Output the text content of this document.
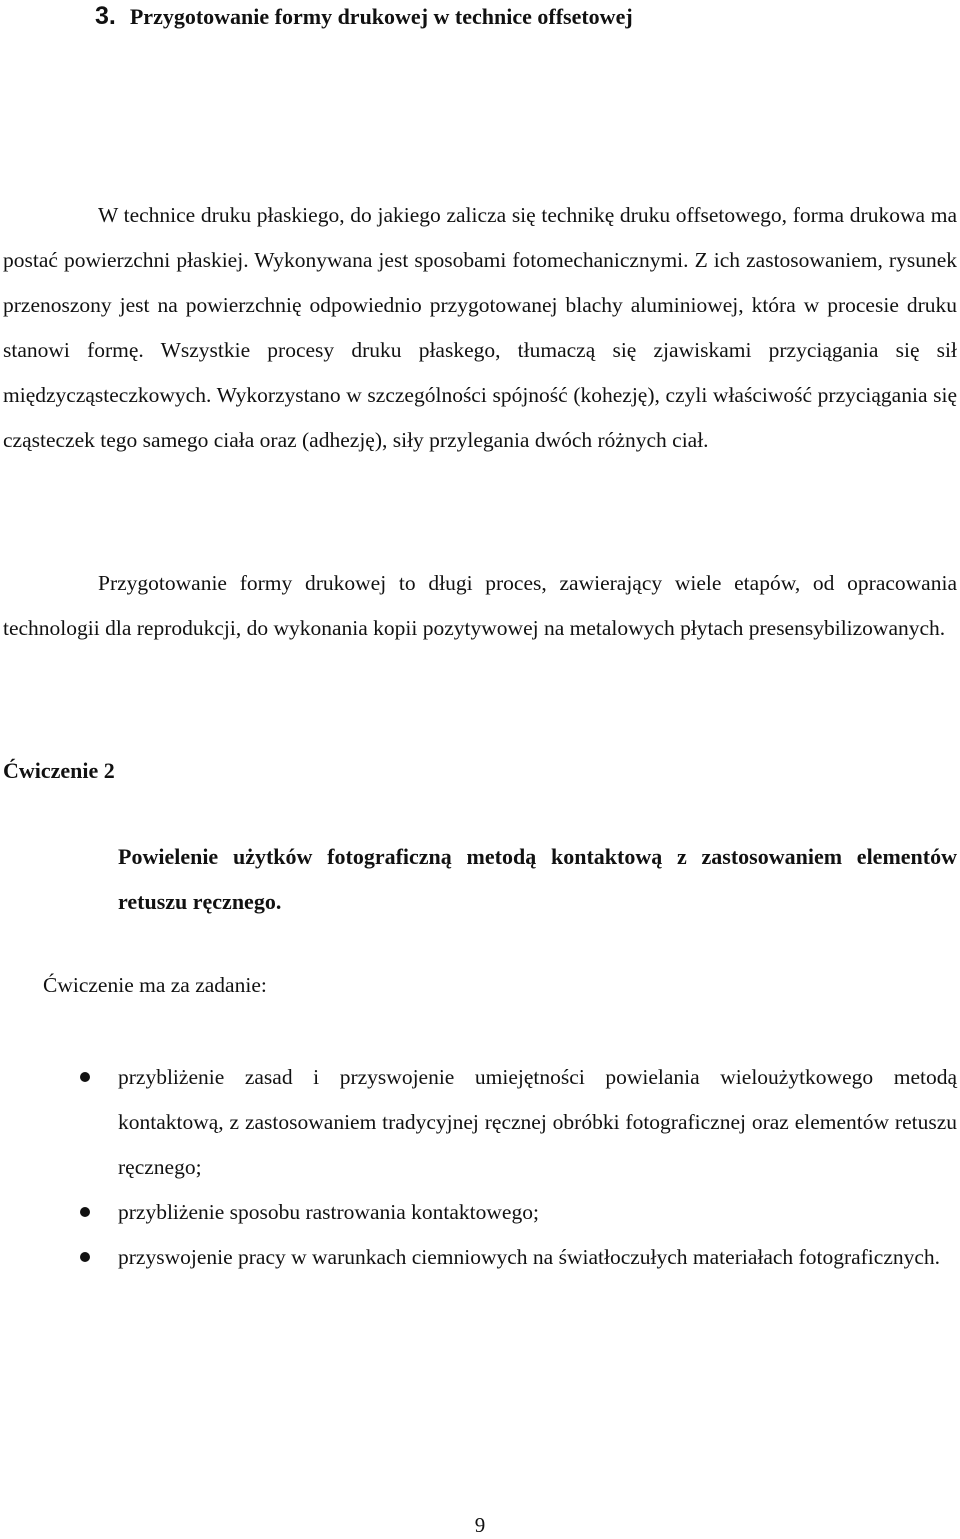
3. Przygotowanie formy drukowej w technice offsetowej

W technice druku płaskiego, do jakiego zalicza się technikę druku offsetowego, forma drukowa ma postać powierzchni płaskiej. Wykonywana jest sposobami fotomechanicznymi. Z ich zastosowaniem, rysunek przenoszony jest na powierzchnię odpowiednio przygotowanej blachy aluminiowej, która w procesie druku stanowi formę. Wszystkie procesy druku płaskego, tłumaczą się zjawiskami przyciągania się sił międzycząsteczkowych. Wykorzystano w szczególności spójność (kohezję), czyli właściwość przyciągania się cząsteczek tego samego ciała oraz (adhezję), siły przylegania dwóch różnych ciał.

Przygotowanie formy drukowej to długi proces, zawierający wiele etapów, od opracowania technologii dla reprodukcji, do wykonania kopii pozytywowej na metalowych płytach presensybilizowanych.

Ćwiczenie 2

Powielenie użytków fotograficzną metodą kontaktową z zastosowaniem elementów retuszu ręcznego.

Ćwiczenie ma za zadanie:

przybliżenie zasad i przyswojenie umiejętności powielania wieloużytkowego metodą kontaktową, z zastosowaniem tradycyjnej ręcznej obróbki fotograficznej oraz elementów retuszu ręcznego;
przybliżenie sposobu rastrowania kontaktowego;
przyswojenie pracy w warunkach ciemniowych na światłoczułych materiałach fotograficznych.

9
